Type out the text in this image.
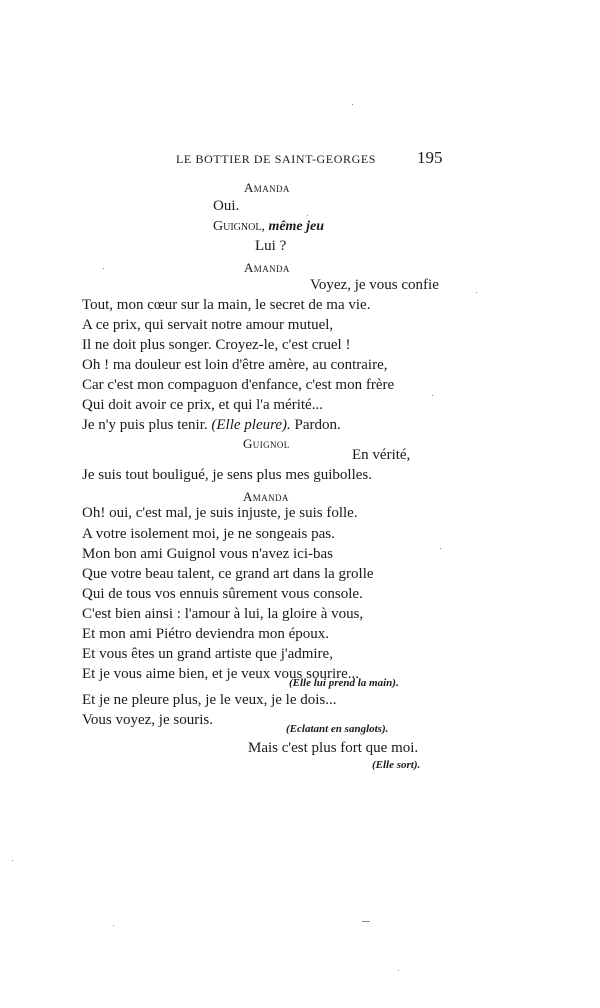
LE BOTTIER DE SAINT-GEORGES 195
Amanda
Oui.
Guignol, même jeu
Lui ?
Amanda
Voyez, je vous confie
Tout, mon cœur sur la main, le secret de ma vie.
A ce prix, qui servait notre amour mutuel,
Il ne doit plus songer. Croyez-le, c'est cruel !
Oh ! ma douleur est loin d'être amère, au contraire,
Car c'est mon compaguon d'enfance, c'est mon frère
Qui doit avoir ce prix, et qui l'a mérité...
Je n'y puis plus tenir. (Elle pleure). Pardon.
Guignol
En vérité,
Je suis tout bouligué, je sens plus mes guibolles.
Amanda
Oh! oui, c'est mal, je suis injuste, je suis folle.
A votre isolement moi, je ne songeais pas.
Mon bon ami Guignol vous n'avez ici-bas
Que votre beau talent, ce grand art dans la grolle
Qui de tous vos ennuis sûrement vous console.
C'est bien ainsi : l'amour à lui, la gloire à vous,
Et mon ami Piétro deviendra mon époux.
Et vous êtes un grand artiste que j'admire,
Et je vous aime bien, et je veux vous sourire...
(Elle lui prend la main).
Et je ne pleure plus, je le veux, je le dois...
Vous voyez, je souris.
(Eclatant en sanglots).
Mais c'est plus fort que moi.
(Elle sort).
